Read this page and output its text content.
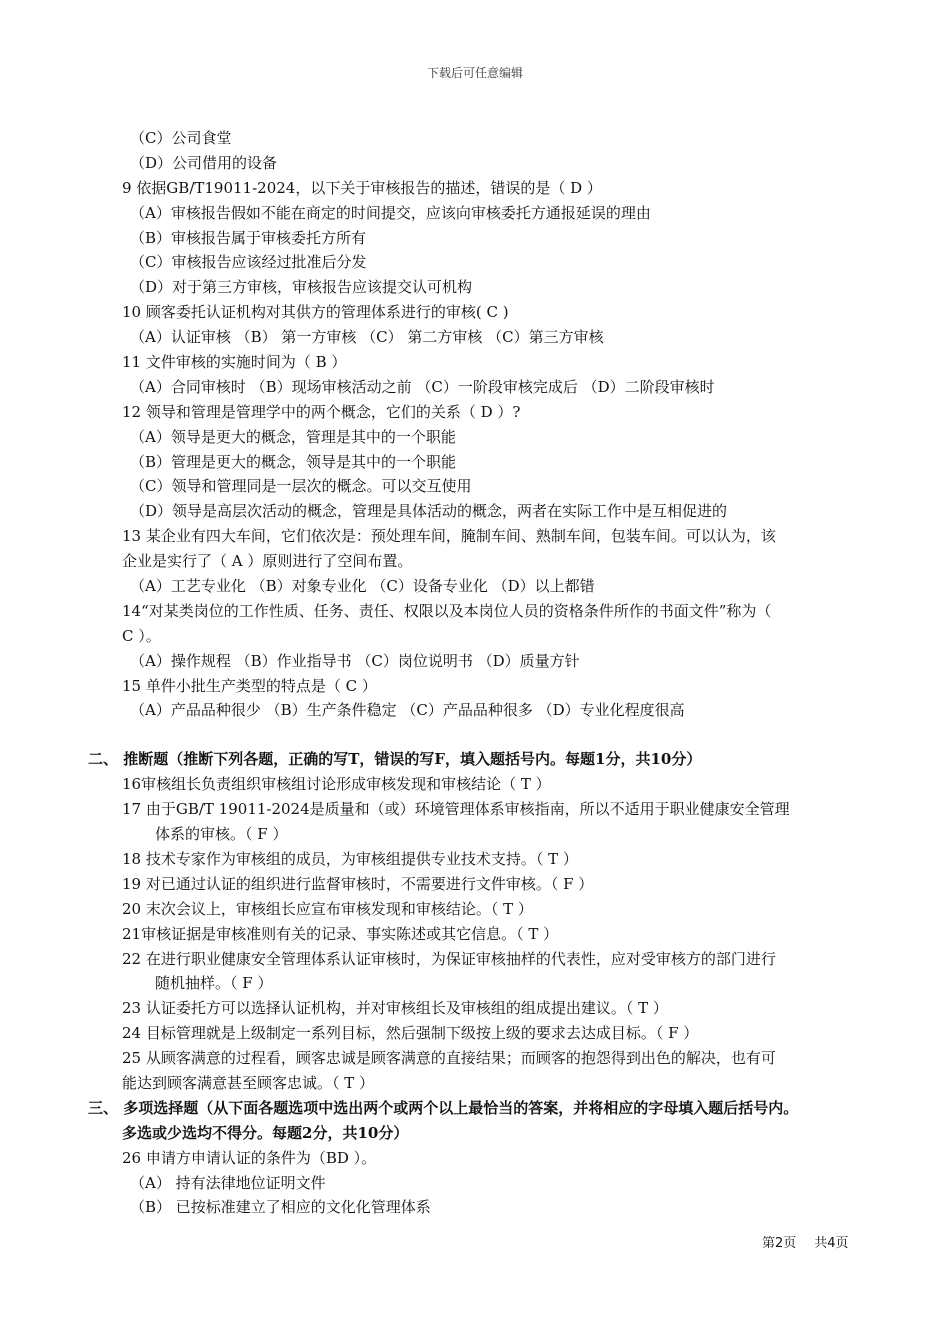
下载后可任意编辑
（C）公司食堂
（D）公司借用的设备
9 依据GB/T19011-2024，以下关于审核报告的描述，错误的是（ D ）
（A）审核报告假如不能在商定的时间提交，应该向审核委托方通报延误的理由
（B）审核报告属于审核委托方所有
（C）审核报告应该经过批准后分发
（D）对于第三方审核，审核报告应该提交认可机构
10 顾客委托认证机构对其供方的管理体系进行的审核( C )
（A）认证审核 （B） 第一方审核 （C） 第二方审核 （C）第三方审核
11 文件审核的实施时间为（ B ）
（A）合同审核时 （B）现场审核活动之前 （C）一阶段审核完成后 （D）二阶段审核时
12 领导和管理是管理学中的两个概念，它们的关系（ D ）?
（A）领导是更大的概念，管理是其中的一个职能
（B）管理是更大的概念，领导是其中的一个职能
（C）领导和管理同是一层次的概念。可以交互使用
（D）领导是高层次活动的概念，管理是具体活动的概念，两者在实际工作中是互相促进的
13 某企业有四大车间，它们依次是：预处理车间，腌制车间、熟制车间，包装车间。可以认为，该
企业是实行了（ A ）原则进行了空间布置。
（A）工艺专业化 （B）对象专业化 （C）设备专业化 （D）以上都错
14“对某类岗位的工作性质、任务、责任、权限以及本岗位人员的资格条件所作的书面文件”称为（
C ）。
（A）操作规程 （B）作业指导书 （C）岗位说明书 （D）质量方针
15 单件小批生产类型的特点是（ C ）
（A）产品品种很少 （B）生产条件稳定 （C）产品品种很多 （D）专业化程度很高
二、 推断题（推断下列各题，正确的写T，错误的写F，填入题括号内。每题1分，共10分）
16审核组长负责组织审核组讨论形成审核发现和审核结论（ T ）
17 由于GB/T 19011-2024是质量和（或）环境管理体系审核指南，所以不适用于职业健康安全管理
体系的审核。（ F ）
18 技术专家作为审核组的成员，为审核组提供专业技术支持。（ T ）
19 对已通过认证的组织进行监督审核时，不需要进行文件审核。（ F ）
20 末次会议上，审核组长应宣布审核发现和审核结论。（ T ）
21审核证据是审核准则有关的记录、事实陈述或其它信息。（ T ）
22 在进行职业健康安全管理体系认证审核时，为保证审核抽样的代表性，应对受审核方的部门进行
随机抽样。（ F ）
23 认证委托方可以选择认证机构，并对审核组长及审核组的组成提出建议。（ T ）
24 目标管理就是上级制定一系列目标，然后强制下级按上级的要求去达成目标。（ F ）
25 从顾客满意的过程看，顾客忠诚是顾客满意的直接结果；而顾客的抱怨得到出色的解决，也有可
能达到顾客满意甚至顾客忠诚。（ T ）
三、 多项选择题（从下面各题选项中选出两个或两个以上最恰当的答案，并将相应的字母填入题后括号内。
多选或少选均不得分。每题2分，共10分）
26 申请方申请认证的条件为（BD ）。
（A） 持有法律地位证明文件
（B） 已按标准建立了相应的文化化管理体系
第2页 共4页
